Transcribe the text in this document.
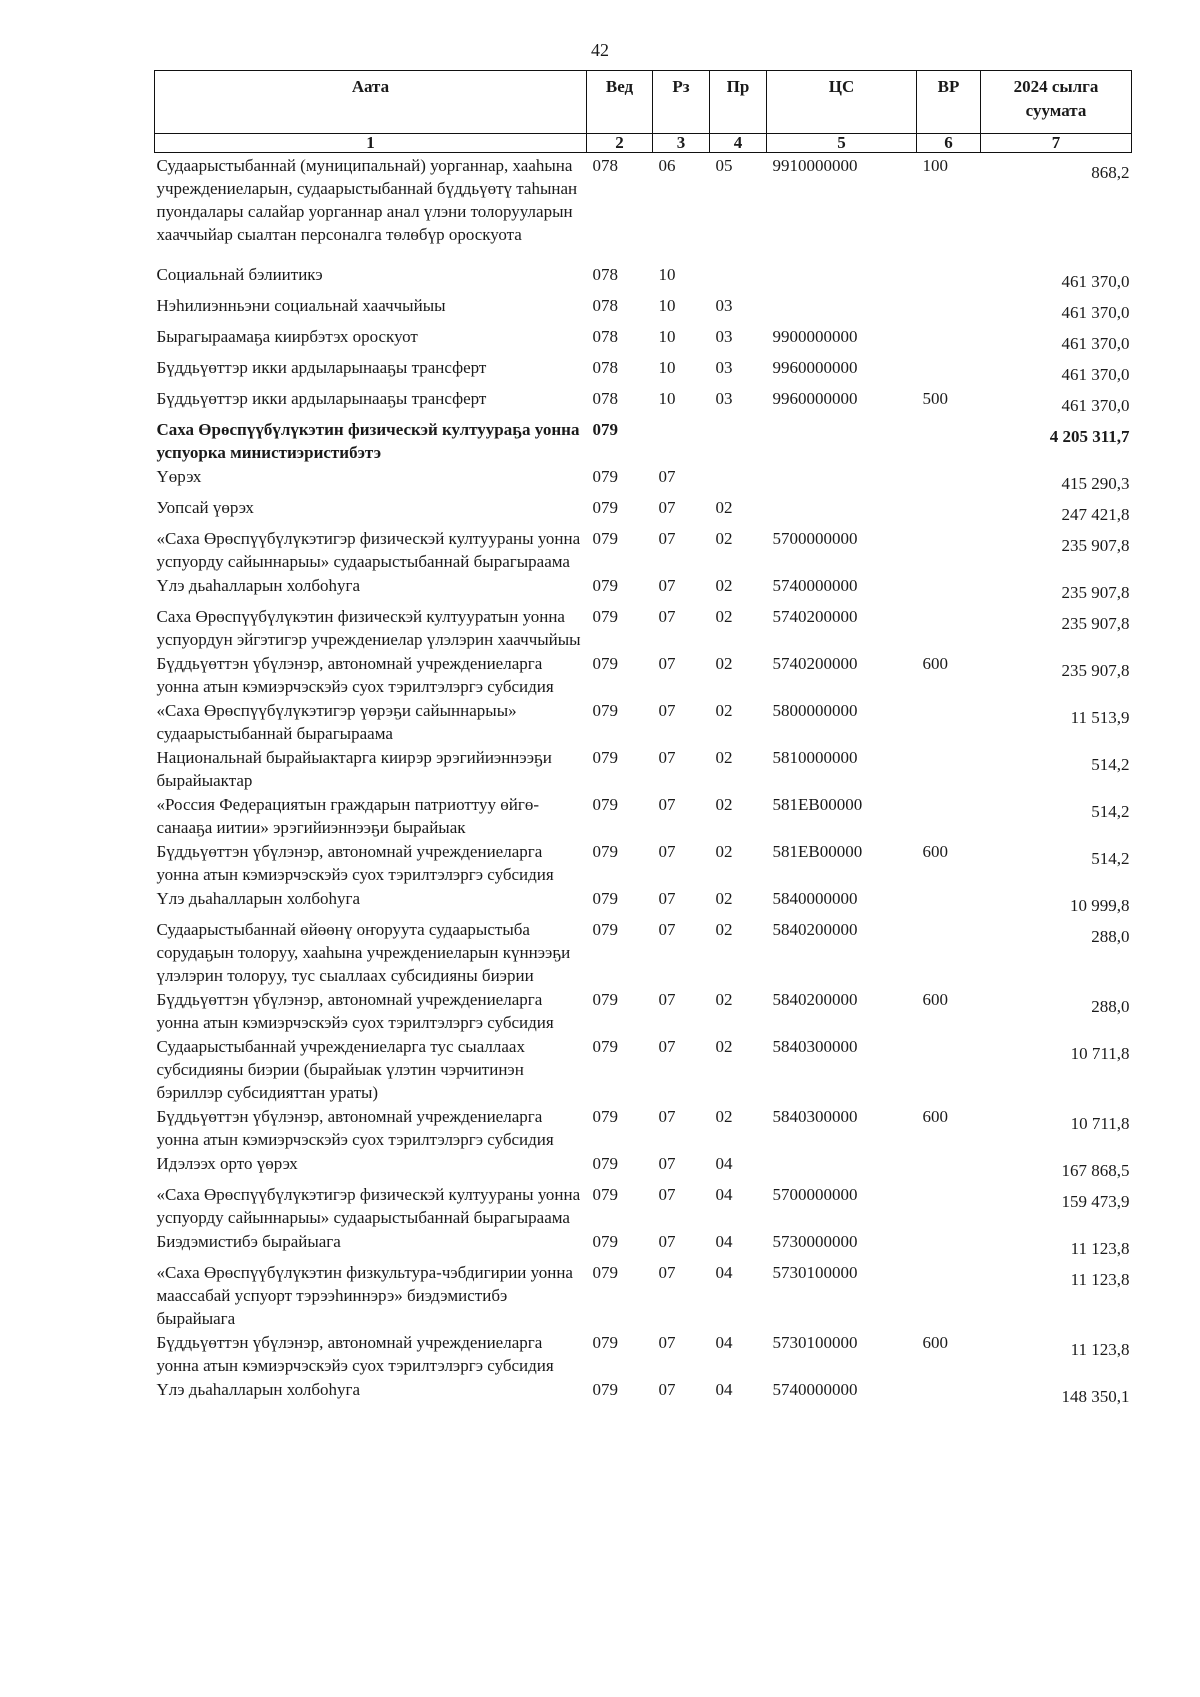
42
Аата	Вед	Рз	Пр	ЦС	ВР	2024 сылга суумата
1	2	3	4	5	6	7
Судаарыстыбаннай (муниципальнай) уорганнар, хааһына учреждениеларын, судаарыстыбаннай бүддьүөтү таһынан пуондалары салайар уорганнар анал үлэни толорууларын хааччыйар сыалтан персоналга төлөбүр ороскуота	078	06	05	9910000000	100	868,2
Социальнай бэлиитикэ	078	10				461 370,0
Нэһилиэнньэни социальнай хааччыйыы	078	10	03			461 370,0
Бырагыраамаҕа киирбэтэх ороскуот	078	10	03	9900000000		461 370,0
Бүддьүөттэр икки ардыларынааҕы трансферт	078	10	03	9960000000		461 370,0
Бүддьүөттэр икки ардыларынааҕы трансферт	078	10	03	9960000000	500	461 370,0
Саха Өрөспүүбүлүкэтин физическэй култуураҕа уонна успуорка министиэристибэтэ	079					4 205 311,7
Үөрэх	079	07				415 290,3
Уопсай үөрэх	079	07	02			247 421,8
«Саха Өрөспүүбүлүкэтигэр физическэй култуураны уонна успуорду сайыннарыы» судаарыстыбаннай бырагыраама	079	07	02	5700000000		235 907,8
Үлэ дьаһалларын холбоһуга	079	07	02	5740000000		235 907,8
Саха Өрөспүүбүлүкэтин физическэй култууратын уонна успуордун эйгэтигэр учреждениелар үлэлэрин хааччыйыы	079	07	02	5740200000		235 907,8
Бүддьүөттэн үбүлэнэр, автономнай учреждениеларга уонна атын кэмиэрчэскэйэ суох тэрилтэлэргэ субсидия	079	07	02	5740200000	600	235 907,8
«Саха Өрөспүүбүлүкэтигэр үөрэҕи сайыннарыы» судаарыстыбаннай бырагыраама	079	07	02	5800000000		11 513,9
Национальнай бырайыактарга киирэр эрэгийиэннээҕи бырайыактар	079	07	02	5810000000		514,2
«Россия Федерациятын граждарын патриоттуу өйгө-санааҕа иитии» эрэгийиэннээҕи бырайыак	079	07	02	581EB00000		514,2
Бүддьүөттэн үбүлэнэр, автономнай учреждениеларга уонна атын кэмиэрчэскэйэ суох тэрилтэлэргэ субсидия	079	07	02	581EB00000	600	514,2
Үлэ дьаһалларын холбоһуга	079	07	02	5840000000		10 999,8
Судаарыстыбаннай өйөөнү оҥоруута судаарыстыба сорудаҕын толоруу, хааһына учреждениеларын күннээҕи үлэлэрин толоруу, тус сыаллаах субсидияны биэрии	079	07	02	5840200000		288,0
Бүддьүөттэн үбүлэнэр, автономнай учреждениеларга уонна атын кэмиэрчэскэйэ суох тэрилтэлэргэ субсидия	079	07	02	5840200000	600	288,0
Судаарыстыбаннай учреждениеларга тус сыаллаах субсидияны биэрии (бырайыак үлэтин чэрчитинэн бэриллэр субсидияттан ураты)	079	07	02	5840300000		10 711,8
Бүддьүөттэн үбүлэнэр, автономнай учреждениеларга уонна атын кэмиэрчэскэйэ суох тэрилтэлэргэ субсидия	079	07	02	5840300000	600	10 711,8
Идэлээх орто үөрэх	079	07	04			167 868,5
«Саха Өрөспүүбүлүкэтигэр физическэй култуураны уонна успуорду сайыннарыы» судаарыстыбаннай бырагыраама	079	07	04	5700000000		159 473,9
Биэдэмистибэ бырайыага	079	07	04	5730000000		11 123,8
«Саха Өрөспүүбүлүкэтин физкультура-чэбдигирии уонна маассабай успуорт тэрээһиннэрэ» биэдэмистибэ бырайыага	079	07	04	5730100000		11 123,8
Бүддьүөттэн үбүлэнэр, автономнай учреждениеларга уонна атын кэмиэрчэскэйэ суох тэрилтэлэргэ субсидия	079	07	04	5730100000	600	11 123,8
Үлэ дьаһалларын холбоһуга	079	07	04	5740000000		148 350,1
